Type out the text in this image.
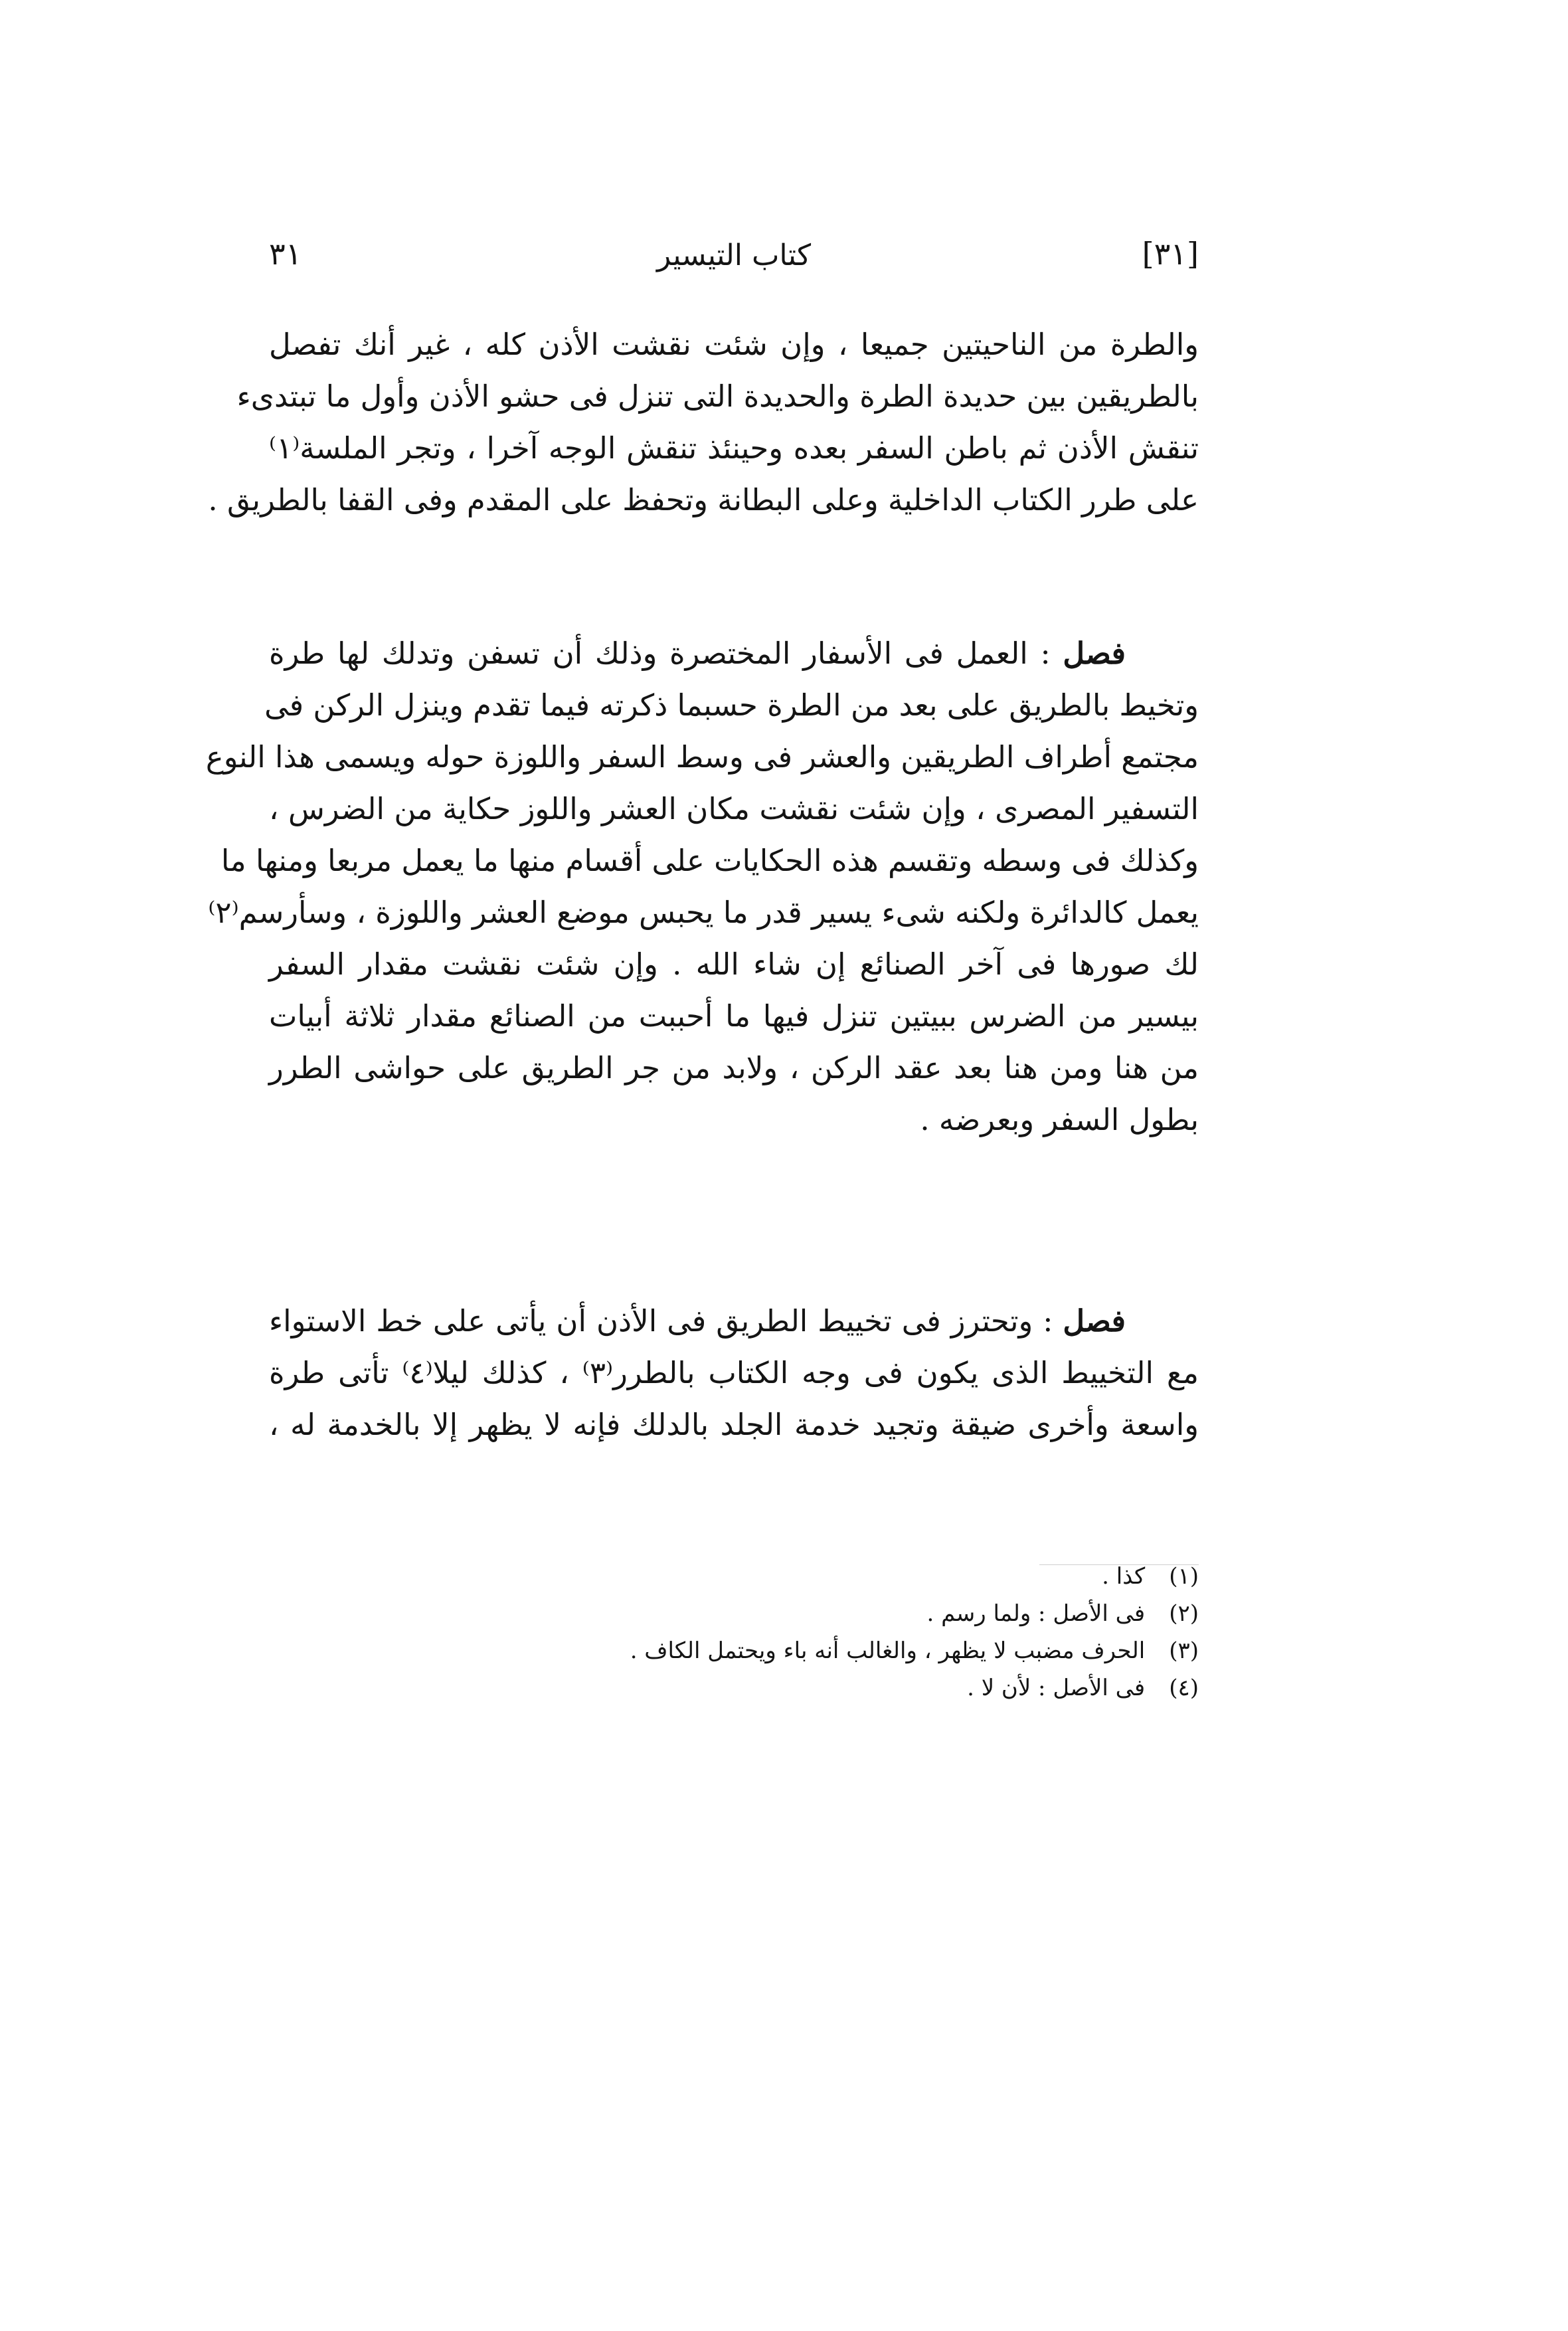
[٣١]
كتاب التيسير
٣١
والطرة من الناحيتين جميعا ، وإن شئت نقشت الأذن كله ، غير أنك تفصل
بالطريقين بين حديدة الطرة والحديدة التى تنزل فى حشو الأذن وأول ما تبتدىء
تنقش الأذن ثم باطن السفر بعده وحينئذ تنقش الوجه آخرا ، وتجر الملسة⁽١⁾
على طرر الكتاب الداخلية وعلى البطانة وتحفظ على المقدم وفى القفا بالطريق .
فصل : العمل فى الأسفار المختصرة وذلك أن تسفن وتدلك لها طرة
وتخيط بالطريق على بعد من الطرة حسبما ذكرته فيما تقدم وينزل الركن فى
مجتمع أطراف الطريقين والعشر فى وسط السفر واللوزة حوله ويسمى هذا النوع
التسفير المصرى ، وإن شئت نقشت مكان العشر واللوز حكاية من الضرس ،
وكذلك فى وسطه وتقسم هذه الحكايات على أقسام منها ما يعمل مربعا ومنها ما
يعمل كالدائرة ولكنه شىء يسير قدر ما يحبس موضع العشر واللوزة ، وسأرسم⁽٢⁾
لك صورها فى آخر الصنائع إن شاء الله . وإن شئت نقشت مقدار السفر
بيسير من الضرس ببيتين تنزل فيها ما أحببت من الصنائع مقدار ثلاثة أبيات
من هنا ومن هنا بعد عقد الركن ، ولابد من جر الطريق على حواشى الطرر
بطول السفر وبعرضه .
فصل : وتحترز فى تخييط الطريق فى الأذن أن يأتى على خط الاستواء
مع التخييط الذى يكون فى وجه الكتاب بالطرر⁽٣⁾ ، كذلك ليلا⁽٤⁾ تأتى طرة
واسعة وأخرى ضيقة وتجيد خدمة الجلد بالدلك فإنه لا يظهر إلا بالخدمة له ،
(١) كذا .
(٢) فى الأصل : ولما رسم .
(٣) الحرف مضبب لا يظهر ، والغالب أنه باء ويحتمل الكاف .
(٤) فى الأصل : لأن لا .
